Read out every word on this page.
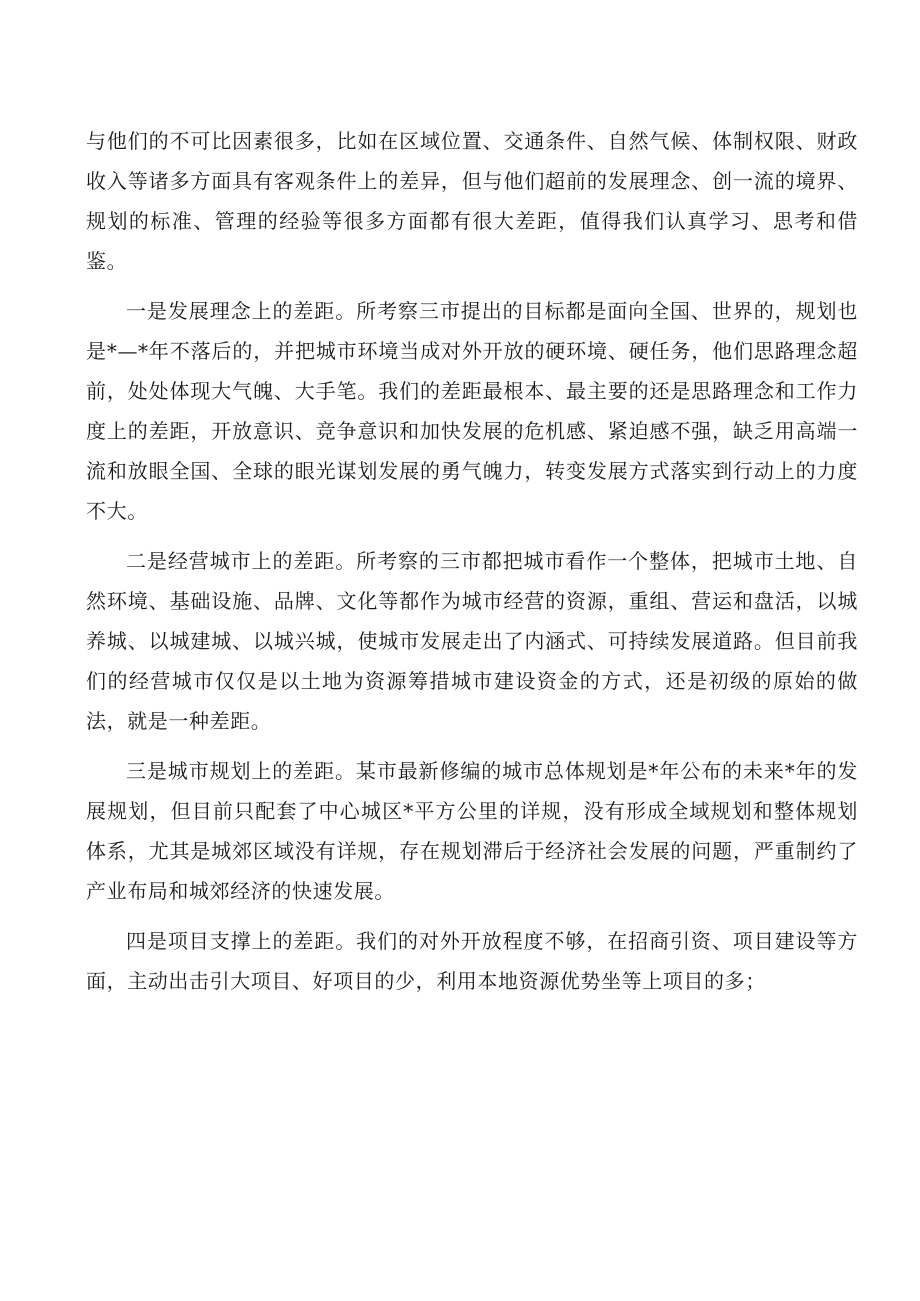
与他们的不可比因素很多，比如在区域位置、交通条件、自然气候、体制权限、财政收入等诸多方面具有客观条件上的差异，但与他们超前的发展理念、创一流的境界、规划的标准、管理的经验等很多方面都有很大差距，值得我们认真学习、思考和借鉴。

一是发展理念上的差距。所考察三市提出的目标都是面向全国、世界的，规划也是*—*年不落后的，并把城市环境当成对外开放的硬环境、硬任务，他们思路理念超前，处处体现大气魄、大手笔。我们的差距最根本、最主要的还是思路理念和工作力度上的差距，开放意识、竞争意识和加快发展的危机感、紧迫感不强，缺乏用高端一流和放眼全国、全球的眼光谋划发展的勇气魄力，转变发展方式落实到行动上的力度不大。

二是经营城市上的差距。所考察的三市都把城市看作一个整体，把城市土地、自然环境、基础设施、品牌、文化等都作为城市经营的资源，重组、营运和盘活，以城养城、以城建城、以城兴城，使城市发展走出了内涵式、可持续发展道路。但目前我们的经营城市仅仅是以土地为资源筹措城市建设资金的方式，还是初级的原始的做法，就是一种差距。

三是城市规划上的差距。某市最新修编的城市总体规划是*年公布的未来*年的发展规划，但目前只配套了中心城区*平方公里的详规，没有形成全域规划和整体规划体系，尤其是城郊区域没有详规，存在规划滞后于经济社会发展的问题，严重制约了产业布局和城郊经济的快速发展。

四是项目支撑上的差距。我们的对外开放程度不够，在招商引资、项目建设等方面，主动出击引大项目、好项目的少，利用本地资源优势坐等上项目的多；
